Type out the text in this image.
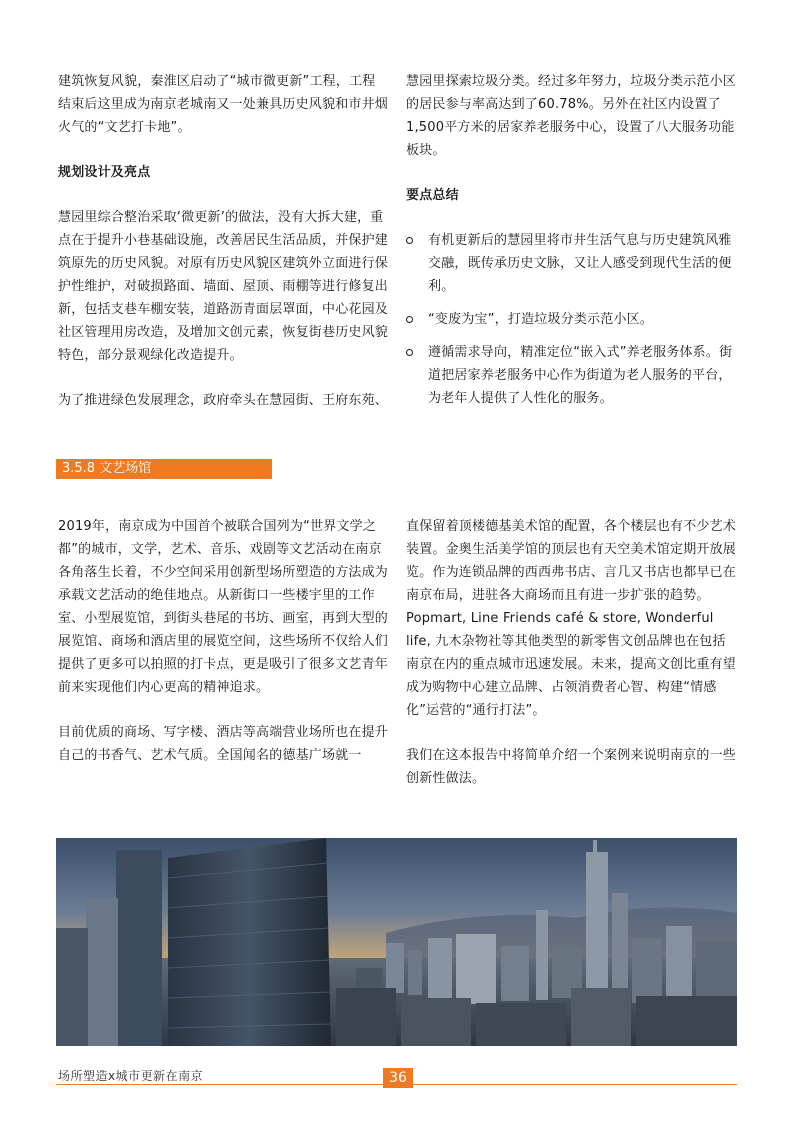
建筑恢复风貌，秦淮区启动了“城市微更新”工程，工程结束后这里成为南京老城南又一处兼具历史风貌和市井烟火气的“文艺打卡地”。

规划设计及亮点

慧园里综合整治采取‘微更新’的做法，没有大拆大建，重点在于提升小巷基础设施，改善居民生活品质，并保护建筑原先的历史风貌。对原有历史风貌区建筑外立面进行保护性维护，对破损路面、墙面、屋顶、雨棚等进行修复出新，包括支巷车棚安装，道路沥青面层罩面，中心花园及社区管理用房改造，及增加文创元素，恢复街巷历史风貌特色，部分景观绿化改造提升。

为了推进绿色发展理念，政府牵头在慧园街、王府东苑、

慧园里探索垃圾分类。经过多年努力，垃圾分类示范小区的居民参与率高达到了60.78%。另外在社区内设置了1,500平方米的居家养老服务中心，设置了八大服务功能板块。

要点总结

有机更新后的慧园里将市井生活气息与历史建筑风雅交融，既传承历史文脉，又让人感受到现代生活的便利。
“变废为宝”，打造垃圾分类示范小区。
遵循需求导向，精准定位“嵌入式”养老服务体系。街道把居家养老服务中心作为街道为老人服务的平台，为老年人提供了人性化的服务。
3.5.8 文艺场馆

2019年，南京成为中国首个被联合国列为“世界文学之都”的城市，文学，艺术、音乐、戏剧等文艺活动在南京各角落生长着，不少空间采用创新型场所塑造的方法成为承载文艺活动的绝佳地点。从新街口一些楼宇里的工作室、小型展览馆，到街头巷尾的书坊、画室，再到大型的展览馆、商场和酒店里的展览空间，这些场所不仅给人们提供了更多可以拍照的打卡点，更是吸引了很多文艺青年前来实现他们内心更高的精神追求。

目前优质的商场、写字楼、酒店等高端营业场所也在提升自己的书香气、艺术气质。全国闻名的德基广场就一

直保留着顶楼德基美术馆的配置，各个楼层也有不少艺术装置。金奥生活美学馆的顶层也有天空美术馆定期开放展览。作为连锁品牌的西西弗书店、言几又书店也都早已在南京布局，进驻各大商场而且有进一步扩张的趋势。Popmart, Line Friends café & store, Wonderful life, 九木杂物社等其他类型的新零售文创品牌也在包括南京在内的重点城市迅速发展。未来，提高文创比重有望成为购物中心建立品牌、占领消费者心智、构建“情感化”运营的“通行打法”。

我们在这本报告中将简单介绍一个案例来说明南京的一些创新性做法。

场所塑造x城市更新在南京	36
